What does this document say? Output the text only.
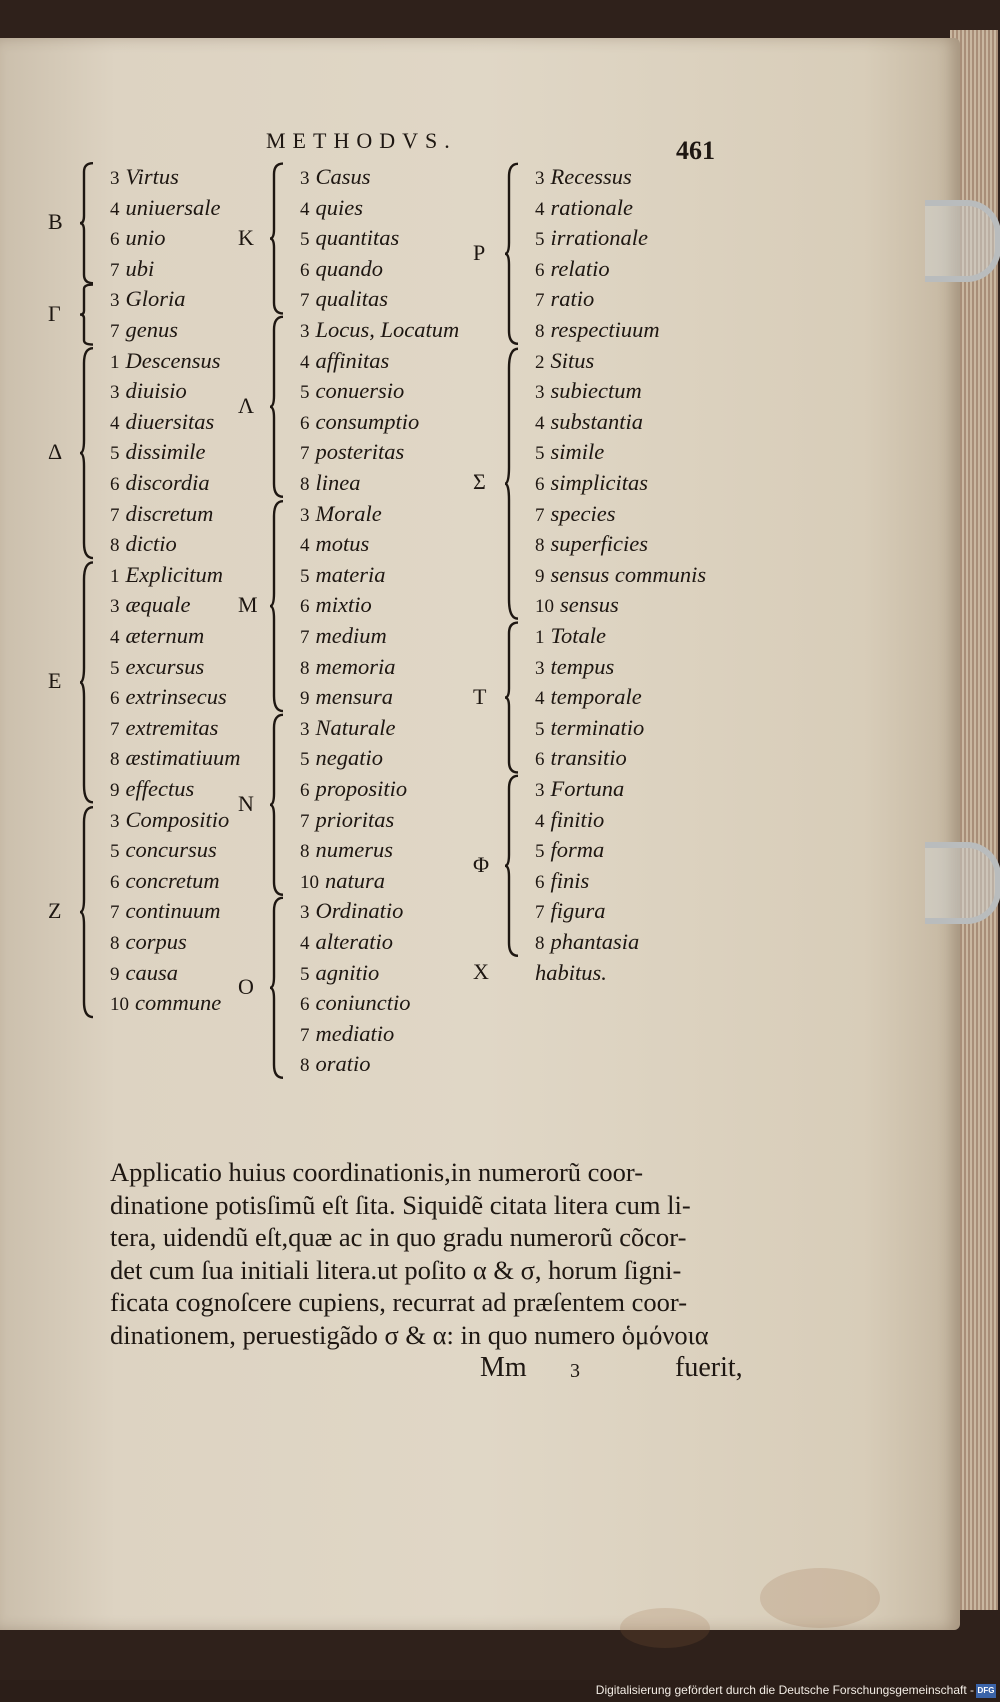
METHODVS.	461
B
3 Virtus
4 uniuersale
6 unio
7 ubi
Γ
3 Gloria
7 genus
Δ
1 Descensus
3 diuisio
4 diuersitas
5 dissimile
6 discordia
7 discretum
8 dictio
E
1 Explicitum
3 æquale
4 æternum
5 excursus
6 extrinsecus
7 extremitas
8 æstimatiuum
9 effectus
Z
3 Compositio
5 concursus
6 concretum
7 continuum
8 corpus
9 causa
10 commune
K
3 Casus
4 quies
5 quantitas
6 quando
7 qualitas
Λ
3 Locus, Locatum
4 affinitas
5 conuersio
6 consumptio
7 posteritas
8 linea
M
3 Morale
4 motus
5 materia
6 mixtio
7 medium
8 memoria
9 mensura
N
3 Naturale
5 negatio
6 propositio
7 prioritas
8 numerus
10 natura
O
3 Ordinatio
4 alteratio
5 agnitio
6 coniunctio
7 mediatio
8 oratio
P
3 Recessus
4 rationale
5 irrationale
6 relatio
7 ratio
8 respectiuum
Σ
2 Situs
3 subiectum
4 substantia
5 simile
6 simplicitas
7 species
8 superficies
9 sensus communis
10 sensus
T
1 Totale
3 tempus
4 temporale
5 terminatio
6 transitio
Φ
3 Fortuna
4 finitio
5 forma
6 finis
7 figura
8 phantasia
X habitus.
Applicatio huius coordinationis,in numerorũ coor-
dinatione potisſimũ eſt ſita. Siquidẽ citata litera cum li-
tera, uidendũ eſt,quæ ac in quo gradu numerorũ cõcor-
det cum ſua initiali litera.ut poſito α & σ, horum ſigni-
ficata cognoſcere cupiens, recurrat ad præſentem coor-
dinationem, peruestigãdo σ & α: in quo numero ὁμόνοια
Mm 3	fuerit,
Digitalisierung gefördert durch die Deutsche Forschungsgemeinschaft - DFG
